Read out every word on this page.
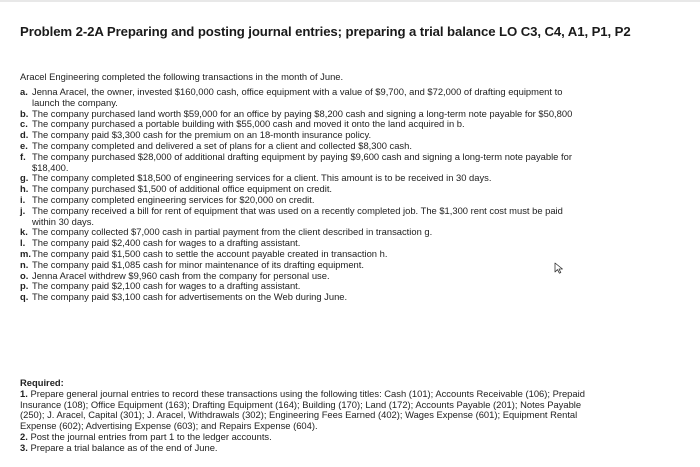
Problem 2-2A Preparing and posting journal entries; preparing a trial balance LO C3, C4, A1, P1, P2
Aracel Engineering completed the following transactions in the month of June.
a. Jenna Aracel, the owner, invested $160,000 cash, office equipment with a value of $9,700, and $72,000 of drafting equipment to
launch the company.
b. The company purchased land worth $59,000 for an office by paying $8,200 cash and signing a long-term note payable for $50,800
c. The company purchased a portable building with $55,000 cash and moved it onto the land acquired in b.
d. The company paid $3,300 cash for the premium on an 18-month insurance policy.
e. The company completed and delivered a set of plans for a client and collected $8,300 cash.
f. The company purchased $28,000 of additional drafting equipment by paying $9,600 cash and signing a long-term note payable for
$18,400.
g. The company completed $18,500 of engineering services for a client. This amount is to be received in 30 days.
h. The company purchased $1,500 of additional office equipment on credit.
i. The company completed engineering services for $20,000 on credit.
j. The company received a bill for rent of equipment that was used on a recently completed job. The $1,300 rent cost must be paid
within 30 days.
k. The company collected $7,000 cash in partial payment from the client described in transaction g.
l. The company paid $2,400 cash for wages to a drafting assistant.
m. The company paid $1,500 cash to settle the account payable created in transaction h.
n. The company paid $1,085 cash for minor maintenance of its drafting equipment.
o. Jenna Aracel withdrew $9,960 cash from the company for personal use.
p. The company paid $2,100 cash for wages to a drafting assistant.
q. The company paid $3,100 cash for advertisements on the Web during June.
Required:
1. Prepare general journal entries to record these transactions using the following titles: Cash (101); Accounts Receivable (106); Prepaid
Insurance (108); Office Equipment (163); Drafting Equipment (164); Building (170); Land (172); Accounts Payable (201); Notes Payable
(250); J. Aracel, Capital (301); J. Aracel, Withdrawals (302); Engineering Fees Earned (402); Wages Expense (601); Equipment Rental
Expense (602); Advertising Expense (603); and Repairs Expense (604).
2. Post the journal entries from part 1 to the ledger accounts.
3. Prepare a trial balance as of the end of June.
